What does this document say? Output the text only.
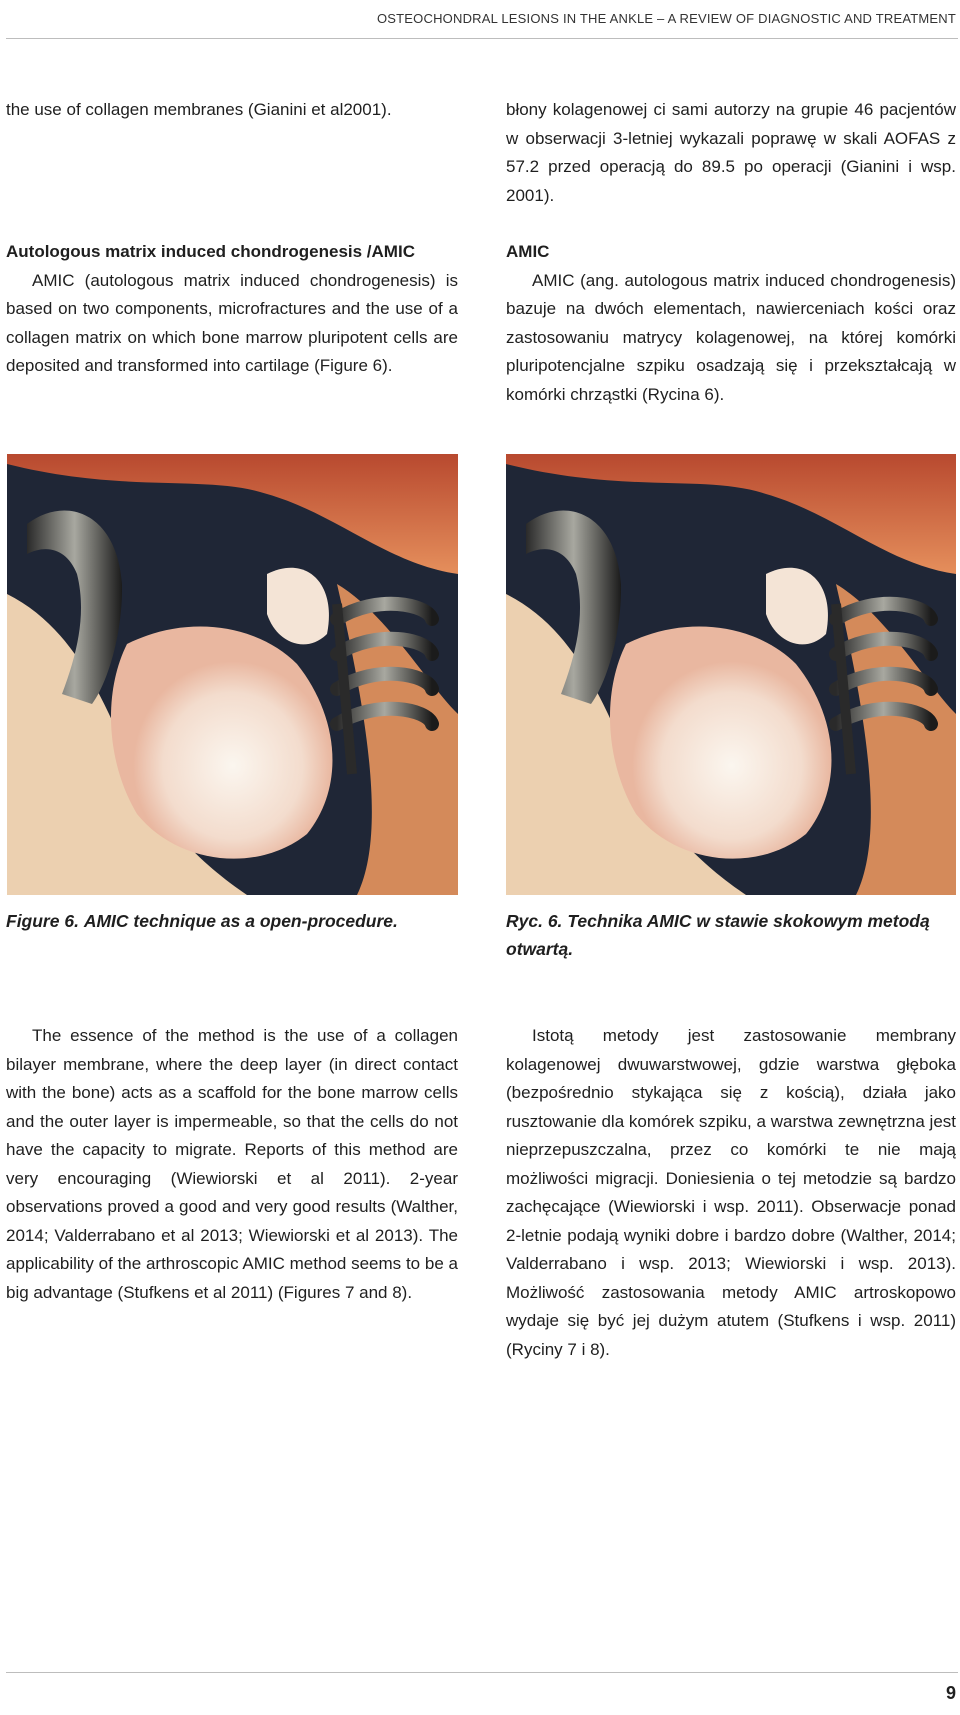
OSTEOCHONDRAL LESIONS IN THE ANKLE – A REVIEW OF DIAGNOSTIC AND TREATMENT

the use of collagen membranes (Gianini et al2001).

Autologous matrix induced chondrogenesis /AMIC

AMIC (autologous matrix induced chondrogenesis) is based on two components, microfractures and the use of a collagen matrix on which bone marrow pluripotent cells are deposited and transformed into cartilage (Figure 6).

Figure 6. AMIC technique as a open-procedure.

The essence of the method is the use of a collagen bilayer membrane, where the deep layer (in direct contact with the bone) acts as a scaffold for the bone marrow cells and the outer layer is impermeable, so that the cells do not have the capacity to migrate. Reports of this method are very encouraging (Wiewiorski et al 2011). 2-year observations proved a good and very good results (Walther, 2014; Valderrabano et al 2013; Wiewiorski et al 2013). The applicability of the arthroscopic AMIC method seems to be a big advantage (Stufkens et al 2011) (Figures 7 and 8).

błony kolagenowej ci sami autorzy na grupie 46 pacjentów w obserwacji 3-letniej wykazali poprawę w skali AOFAS z 57.2 przed operacją do 89.5 po operacji (Gianini i wsp. 2001).

AMIC

AMIC (ang. autologous matrix induced chondrogenesis) bazuje na dwóch elementach, nawierceniach kości oraz zastosowaniu matrycy kolagenowej, na której komórki pluripotencjalne szpiku osadzają się i przekształcają w komórki chrząstki (Rycina 6).

Ryc. 6. Technika AMIC w stawie skokowym metodą otwartą.

Istotą metody jest zastosowanie membrany kolagenowej dwuwarstwowej, gdzie warstwa głęboka (bezpośrednio stykająca się z kością), działa jako rusztowanie dla komórek szpiku, a warstwa zewnętrzna jest nieprzepuszczalna, przez co komórki te nie mają możliwości migracji. Doniesienia o tej metodzie są bardzo zachęcające (Wiewiorski i wsp. 2011). Obserwacje ponad 2-letnie podają wyniki dobre i bardzo dobre (Walther, 2014; Valderrabano i wsp. 2013; Wiewiorski i wsp. 2013). Możliwość zastosowania metody AMIC artroskopowo wydaje się być jej dużym atutem (Stufkens i wsp. 2011) (Ryciny 7 i 8).

9
